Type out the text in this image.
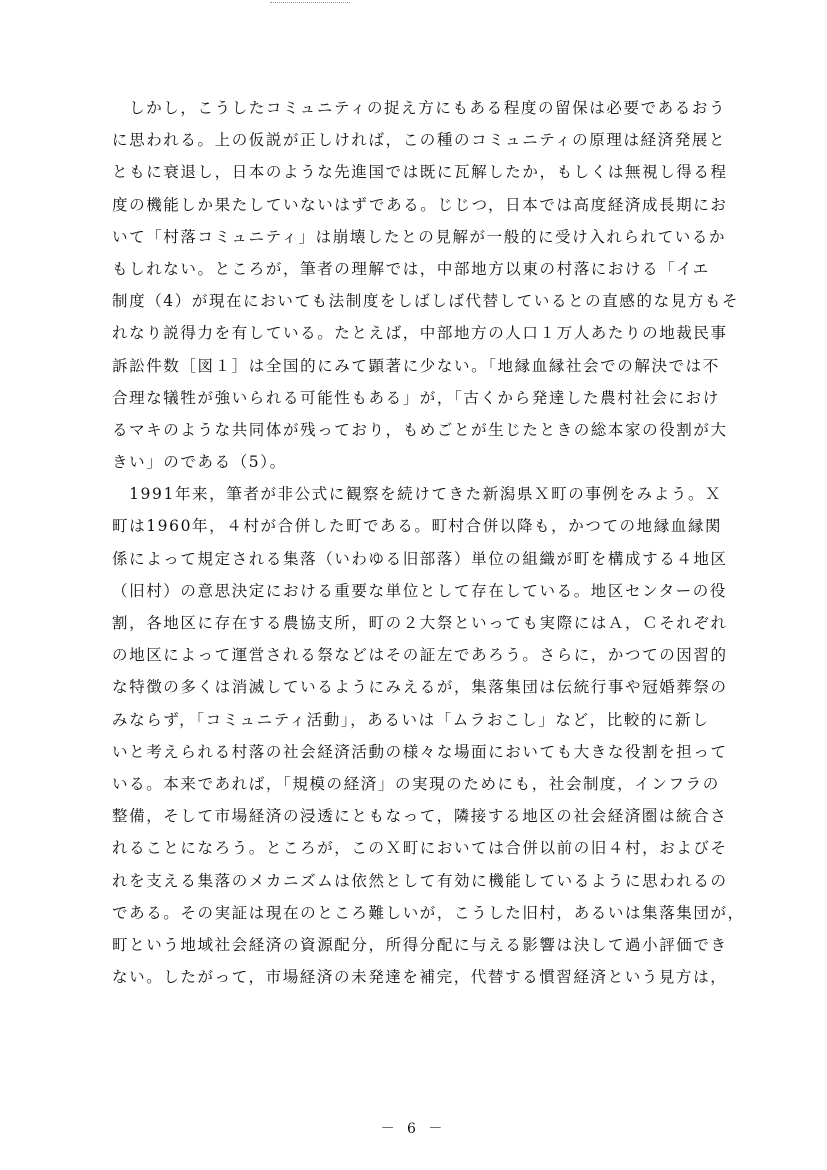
　しかし，こうしたコミュニティの捉え方にもある程度の留保は必要であるおう
に思われる。上の仮説が正しければ，この種のコミュニティの原理は経済発展と
ともに衰退し，日本のような先進国では既に瓦解したか，もしくは無視し得る程
度の機能しか果たしていないはずである。じじつ，日本では高度経済成長期にお
いて「村落コミュニティ」は崩壊したとの見解が一般的に受け入れられているか
もしれない。ところが，筆者の理解では，中部地方以東の村落における「イエ
制度（4）が現在においても法制度をしばしば代替しているとの直感的な見方もそ
れなり説得力を有している。たとえば，中部地方の人口１万人あたりの地裁民事
訴訟件数［図１］は全国的にみて顕著に少ない。「地縁血縁社会での解決では不
合理な犠牲が強いられる可能性もある」が，「古くから発達した農村社会におけ
るマキのような共同体が残っており，もめごとが生じたときの総本家の役割が大
きい」のである（5）。
　1991年来，筆者が非公式に観察を続けてきた新潟県Ｘ町の事例をみよう。Ｘ
町は1960年，４村が合併した町である。町村合併以降も，かつての地縁血縁関
係によって規定される集落（いわゆる旧部落）単位の組織が町を構成する４地区
（旧村）の意思決定における重要な単位として存在している。地区センターの役
割，各地区に存在する農協支所，町の２大祭といっても実際にはＡ，Ｃそれぞれ
の地区によって運営される祭などはその証左であろう。さらに，かつての因習的
な特徴の多くは消滅しているようにみえるが，集落集団は伝統行事や冠婚葬祭の
みならず，「コミュニティ活動」，あるいは「ムラおこし」など，比較的に新し
いと考えられる村落の社会経済活動の様々な場面においても大きな役割を担って
いる。本来であれば，「規模の経済」の実現のためにも，社会制度，インフラの
整備，そして市場経済の浸透にともなって，隣接する地区の社会経済圏は統合さ
れることになろう。ところが，このＸ町においては合併以前の旧４村，およびそ
れを支える集落のメカニズムは依然として有効に機能しているように思われるの
である。その実証は現在のところ難しいが，こうした旧村，あるいは集落集団が，
町という地域社会経済の資源配分，所得分配に与える影響は決して過小評価でき
ない。したがって，市場経済の未発達を補完，代替する慣習経済という見方は，
－ 6 －
